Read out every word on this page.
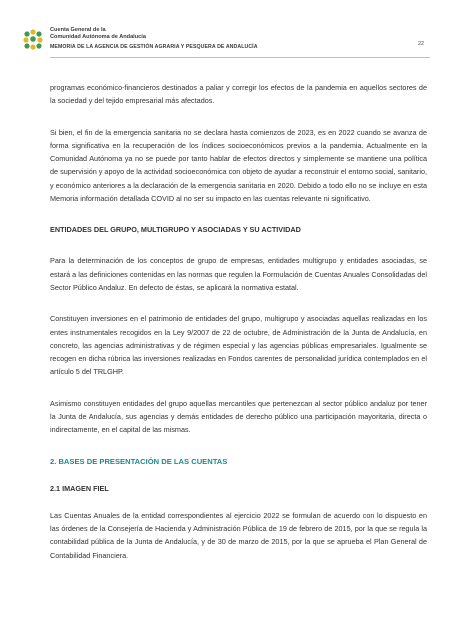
Cuenta General de la
Comunidad Autónoma de Andalucía
MEMORIA DE LA AGENCIA DE GESTIÓN AGRARIA Y PESQUERA DE ANDALUCÍA	22

programas económico-financieros destinados a paliar y corregir los efectos de la pandemia en aquellos sectores de la sociedad y del tejido empresarial más afectados.

Si bien, el fin de la emergencia sanitaria no se declara hasta comienzos de 2023, es en 2022 cuando se avanza de forma significativa en la recuperación de los índices socioeconómicos previos a la pandemia. Actualmente en la Comunidad Autónoma ya no se puede por tanto hablar de efectos directos y simplemente se mantiene una política de supervisión y apoyo de la actividad socioeconómica con objeto de ayudar a reconstruir el entorno social, sanitario, y económico anteriores a la declaración de la emergencia sanitaria en 2020. Debido a todo ello no se incluye en esta Memoria información detallada COVID al no ser su impacto en las cuentas relevante ni significativo.

ENTIDADES DEL GRUPO, MULTIGRUPO Y ASOCIADAS Y SU ACTIVIDAD

Para la determinación de los conceptos de grupo de empresas, entidades multigrupo y entidades asociadas, se estará a las definiciones contenidas en las normas que regulen la Formulación de Cuentas Anuales Consolidadas del Sector Público Andaluz. En defecto de éstas, se aplicará la normativa estatal.

Constituyen inversiones en el patrimonio de entidades del grupo, multigrupo y asociadas aquellas realizadas en los entes instrumentales recogidos en la Ley 9/2007 de 22 de octubre, de Administración de la Junta de Andalucía, en concreto, las agencias administrativas y de régimen especial y las agencias públicas empresariales. Igualmente se recogen en dicha rúbrica las inversiones realizadas en Fondos carentes de personalidad jurídica contemplados en el artículo 5 del TRLGHP.

Asimismo constituyen entidades del grupo aquellas mercantiles que pertenezcan al sector público andaluz por tener la Junta de Andalucía, sus agencias y demás entidades de derecho público una participación mayoritaria, directa o indirectamente, en el capital de las mismas.

2. BASES DE PRESENTACIÓN DE LAS CUENTAS
2.1 IMAGEN FIEL

Las Cuentas Anuales de la entidad correspondientes al ejercicio 2022 se formulan de acuerdo con lo dispuesto en las órdenes de la Consejería de Hacienda y Administración Pública de 19 de febrero de 2015, por la que se regula la contabilidad pública de la Junta de Andalucía, y de 30 de marzo de 2015, por la que se aprueba el Plan General de Contabilidad Financiera.
